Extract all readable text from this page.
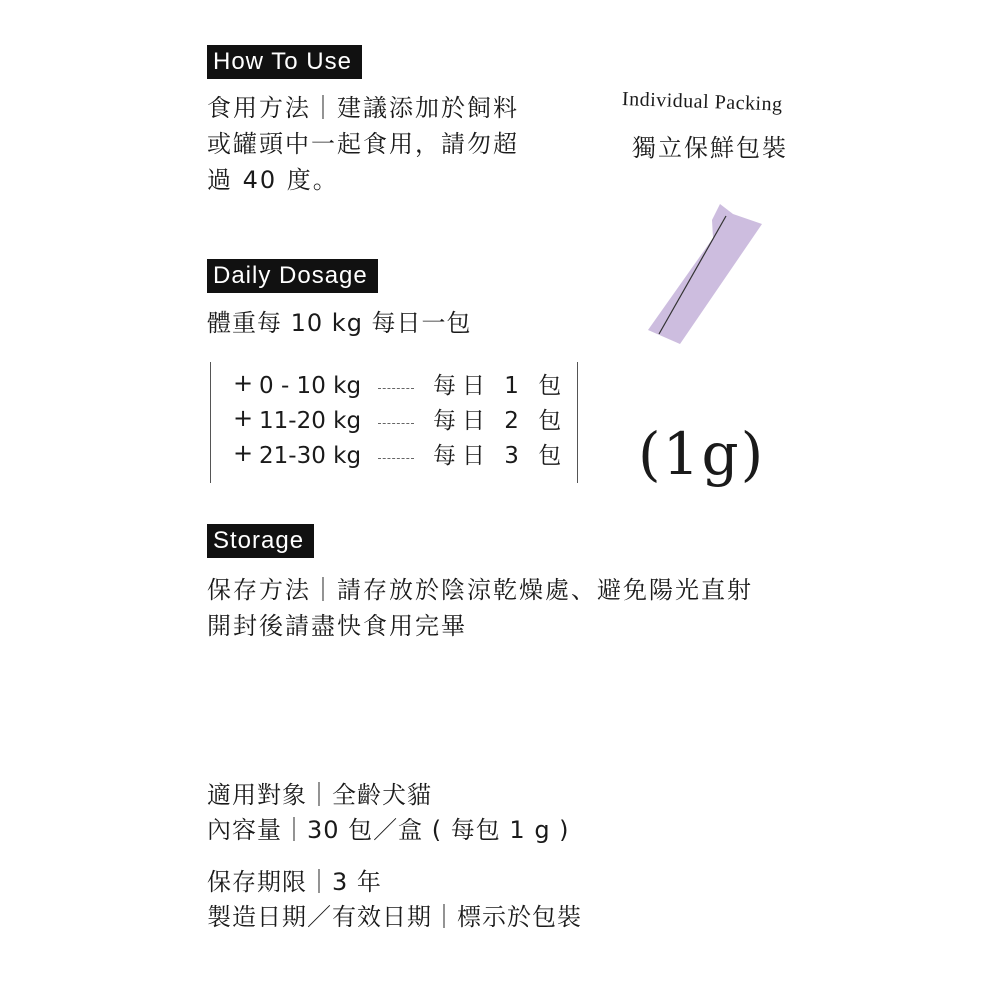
How To Use
食用方法｜建議添加於飼料
或罐頭中一起食用，請勿超
過 40 度。
Individual Packing
獨立保鮮包裝
(1g)
Daily Dosage
體重每 10 kg 每日一包
+ 0 - 10 kg	每日 1 包
+ 11-20 kg	每日 2 包
+ 21-30 kg	每日 3 包
Storage
保存方法｜請存放於陰涼乾燥處、避免陽光直射
開封後請盡快食用完畢
適用對象｜全齡犬貓
內容量｜30 包／盒 ( 每包 1 g )
保存期限｜3 年
製造日期／有效日期｜標示於包裝
